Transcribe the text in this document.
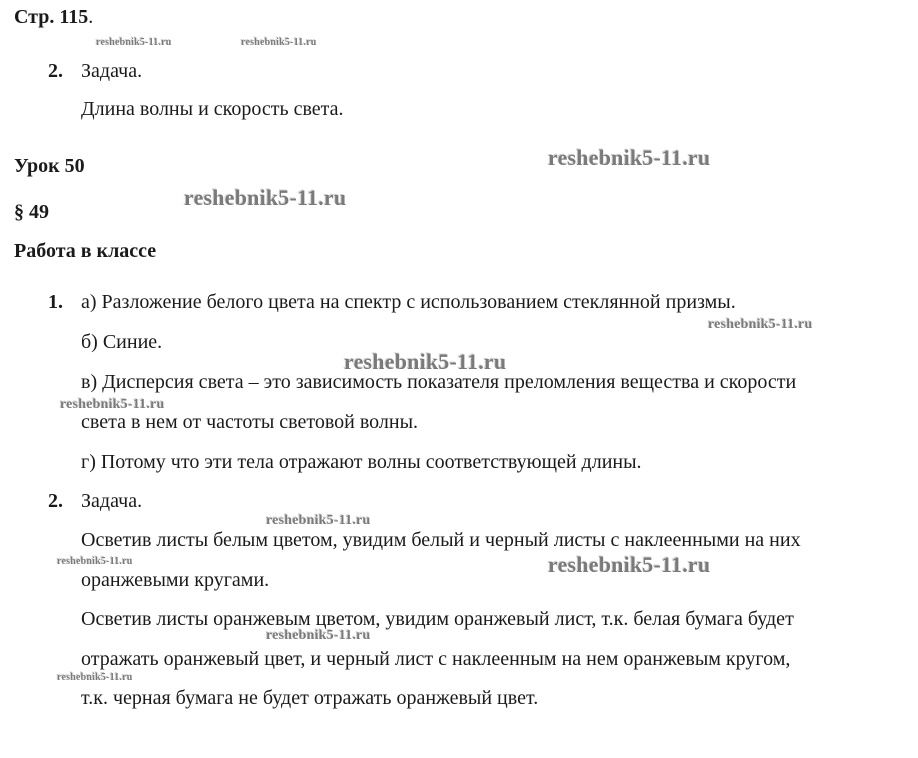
Стр. 115.
reshebnik5-11.ru	reshebnik5-11.ru
2. Задача.
Длина волны и скорость света.
Урок 50	reshebnik5-11.ru
§ 49
reshebnik5-11.ru
Работа в классе
1. а) Разложение белого цвета на спектр с использованием стеклянной призмы.
reshebnik5-11.ru
б) Синие.
reshebnik5-11.ru
в) Дисперсия света – это зависимость показателя преломления вещества и скорости
reshebnik5-11.ru
света в нем от частоты световой волны.
г) Потому что эти тела отражают волны соответствующей длины.
2. Задача.
reshebnik5-11.ru
Осветив листы белым цветом, увидим белый и черный листы с наклеенными на них
reshebnik5-11.ru
оранжевыми кругами.
reshebnik5-11.ru
Осветив листы оранжевым цветом, увидим оранжевый лист, т.к. белая бумага будет
reshebnik5-11.ru
отражать оранжевый цвет, и черный лист с наклеенным на нем оранжевым кругом,
reshebnik5-11.ru
т.к. черная бумага не будет отражать оранжевый цвет.
